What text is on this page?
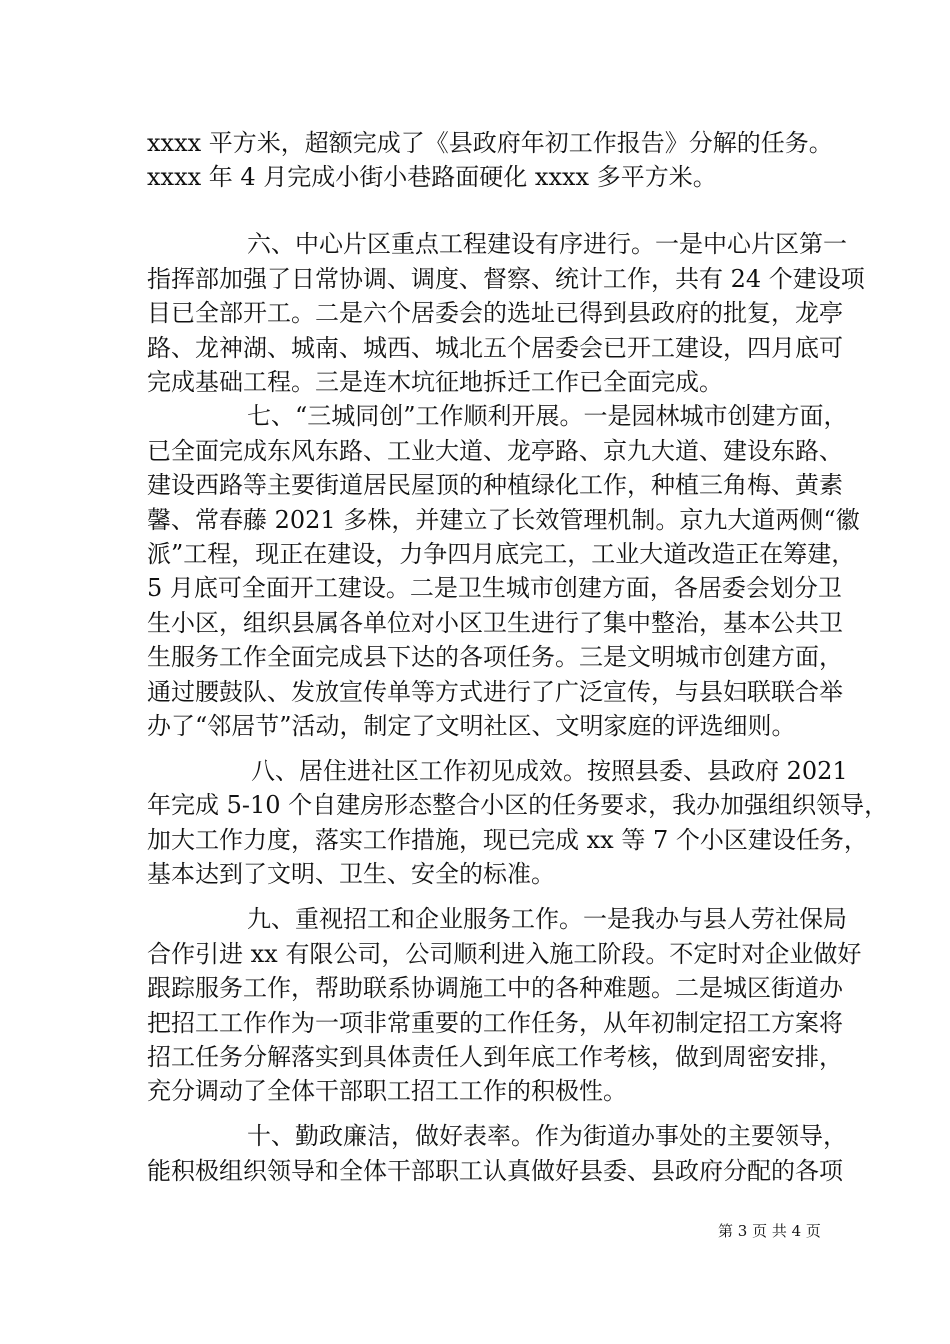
xxxx 平方米，超额完成了《县政府年初工作报告》分解的任务。
xxxx 年 4 月完成小街小巷路面硬化 xxxx 多平方米。
六、中心片区重点工程建设有序进行。一是中心片区第一
指挥部加强了日常协调、调度、督察、统计工作，共有 24 个建设项
目已全部开工。二是六个居委会的选址已得到县政府的批复，龙亭
路、龙神湖、城南、城西、城北五个居委会已开工建设，四月底可
完成基础工程。三是连木坑征地拆迁工作已全面完成。
七、“三城同创”工作顺利开展。一是园林城市创建方面，
已全面完成东风东路、工业大道、龙亭路、京九大道、建设东路、
建设西路等主要街道居民屋顶的种植绿化工作，种植三角梅、黄素
馨、常春藤 2021 多株，并建立了长效管理机制。京九大道两侧“徽
派”工程，现正在建设，力争四月底完工，工业大道改造正在筹建，
5 月底可全面开工建设。二是卫生城市创建方面，各居委会划分卫
生小区，组织县属各单位对小区卫生进行了集中整治，基本公共卫
生服务工作全面完成县下达的各项任务。三是文明城市创建方面，
通过腰鼓队、发放宣传单等方式进行了广泛宣传，与县妇联联合举
办了“邻居节”活动，制定了文明社区、文明家庭的评选细则。
八、居住进社区工作初见成效。按照县委、县政府 2021
年完成 5-10 个自建房形态整合小区的任务要求，我办加强组织领导，
加大工作力度，落实工作措施，现已完成 xx 等 7 个小区建设任务，
基本达到了文明、卫生、安全的标准。
九、重视招工和企业服务工作。一是我办与县人劳社保局
合作引进 xx 有限公司，公司顺利进入施工阶段。不定时对企业做好
跟踪服务工作，帮助联系协调施工中的各种难题。二是城区街道办
把招工工作作为一项非常重要的工作任务，从年初制定招工方案将
招工任务分解落实到具体责任人到年底工作考核，做到周密安排，
充分调动了全体干部职工招工工作的积极性。
十、勤政廉洁，做好表率。作为街道办事处的主要领导，
能积极组织领导和全体干部职工认真做好县委、县政府分配的各项
第 3 页 共 4 页
